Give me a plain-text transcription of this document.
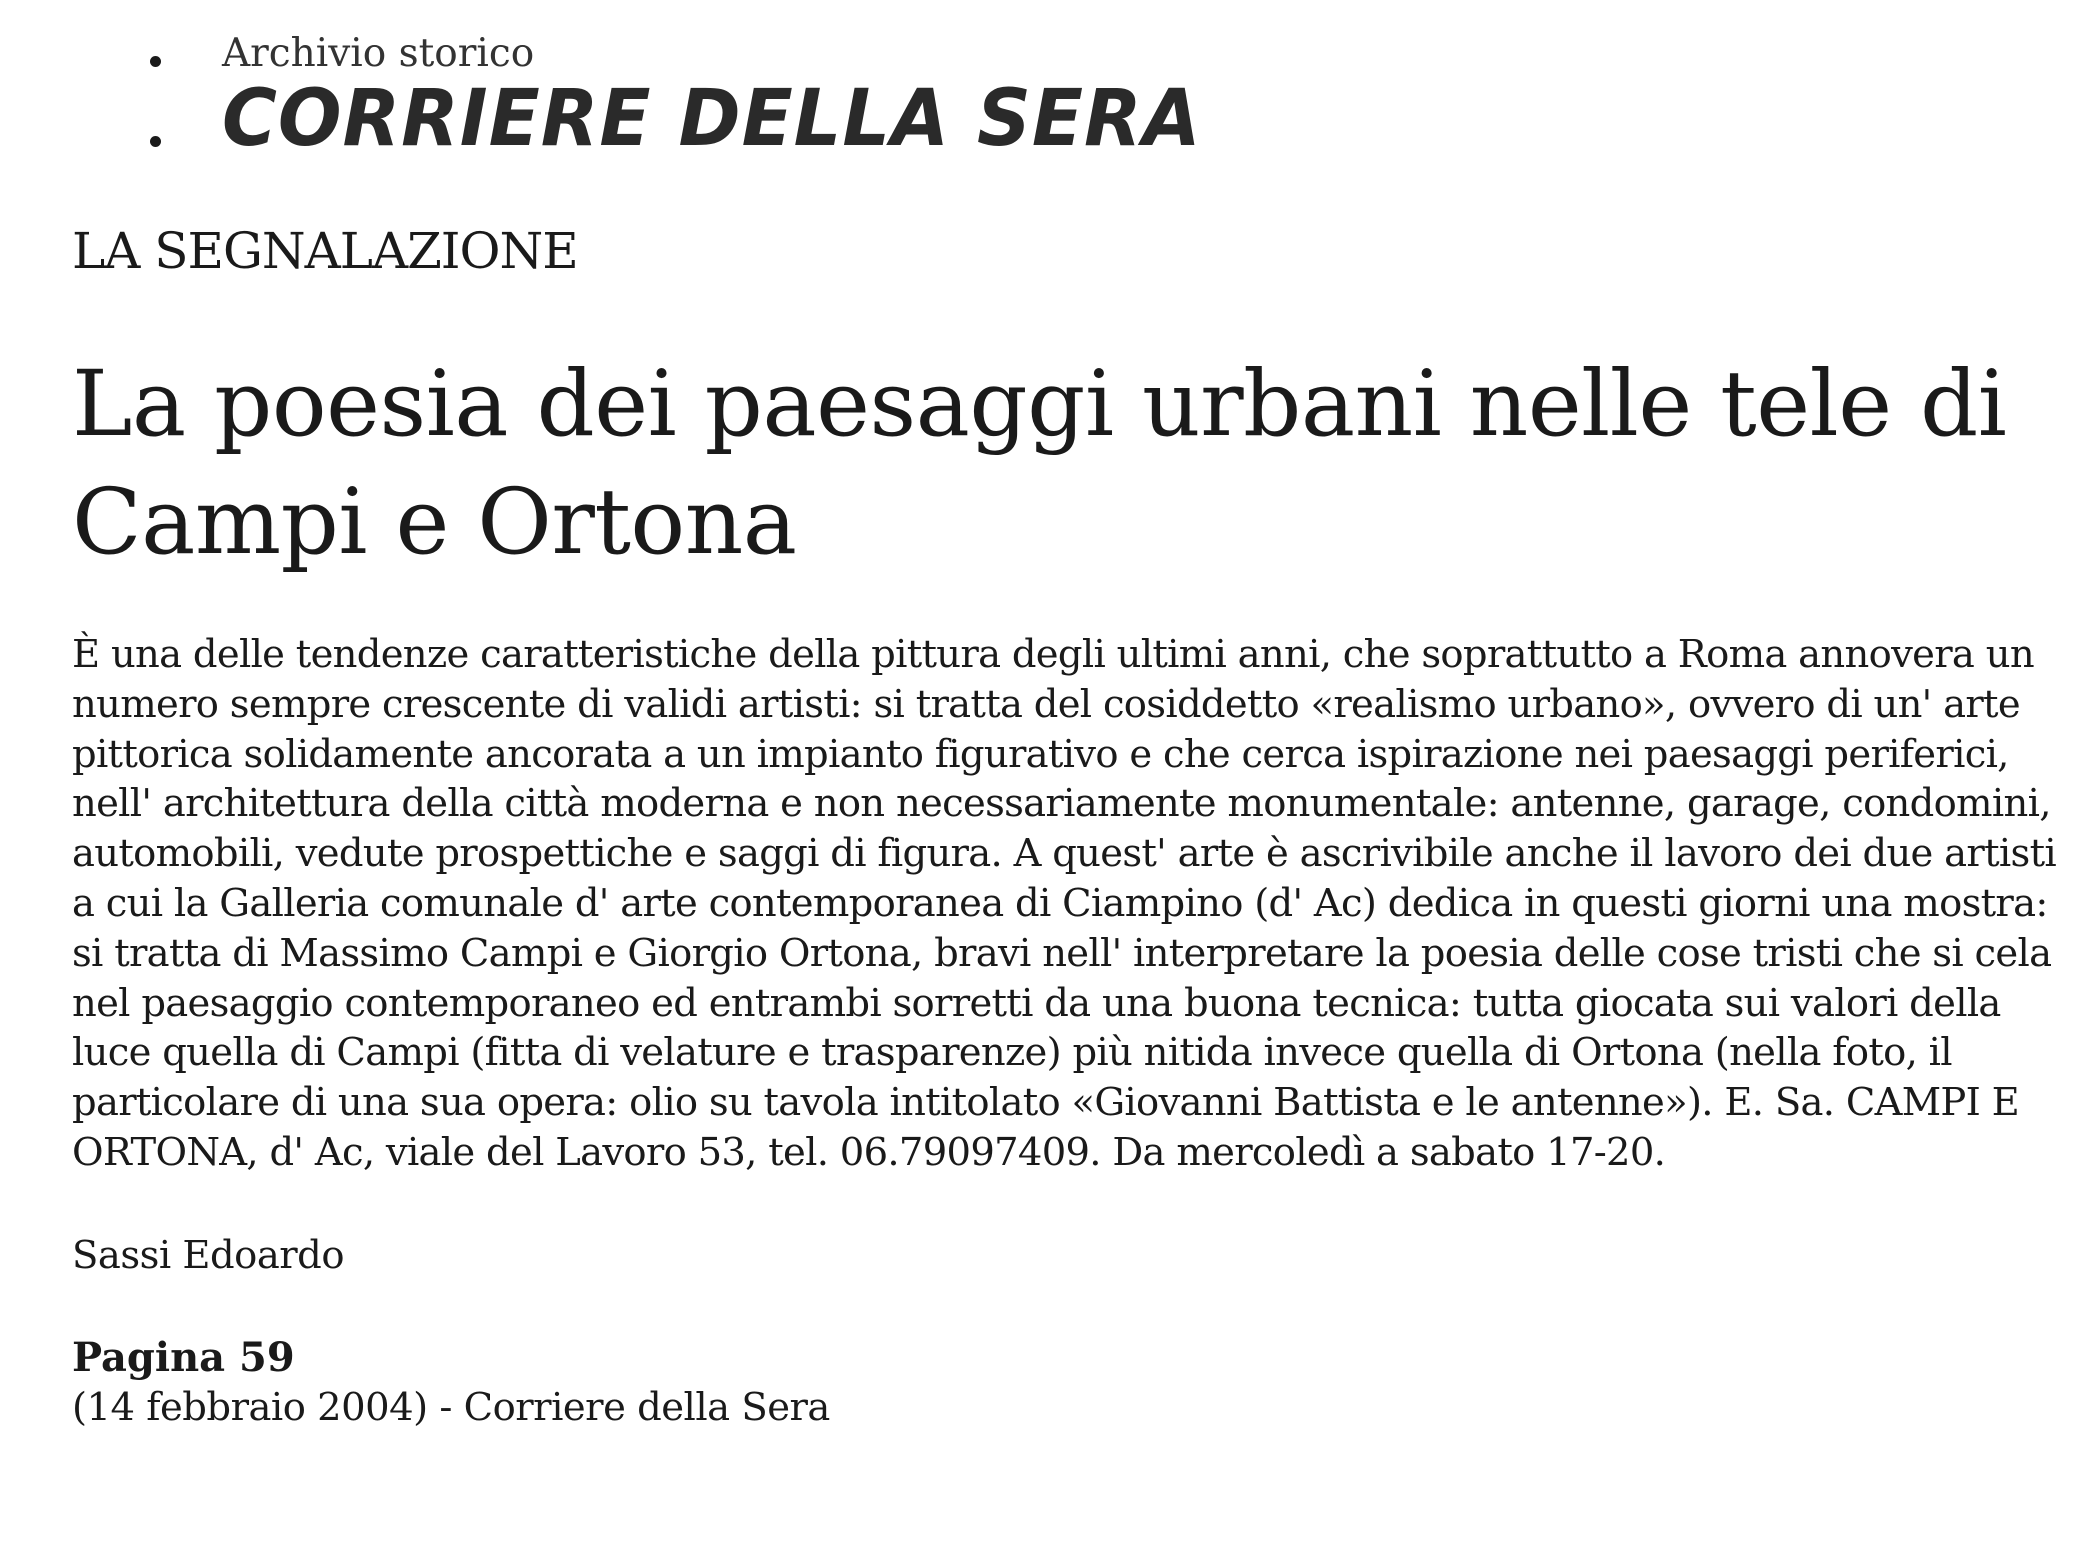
Archivio storico
CORRIERE DELLA SERA
LA SEGNALAZIONE
La poesia dei paesaggi urbani nelle tele di Campi e Ortona

È una delle tendenze caratteristiche della pittura degli ultimi anni, che soprattutto a Roma annovera un numero sempre crescente di validi artisti: si tratta del cosiddetto «realismo urbano», ovvero di un' arte pittorica solidamente ancorata a un impianto figurativo e che cerca ispirazione nei paesaggi periferici, nell' architettura della città moderna e non necessariamente monumentale: antenne, garage, condomini, automobili, vedute prospettiche e saggi di figura. A quest' arte è ascrivibile anche il lavoro dei due artisti a cui la Galleria comunale d' arte contemporanea di Ciampino (d' Ac) dedica in questi giorni una mostra: si tratta di Massimo Campi e Giorgio Ortona, bravi nell' interpretare la poesia delle cose tristi che si cela nel paesaggio contemporaneo ed entrambi sorretti da una buona tecnica: tutta giocata sui valori della luce quella di Campi (fitta di velature e trasparenze) più nitida invece quella di Ortona (nella foto, il particolare di una sua opera: olio su tavola intitolato «Giovanni Battista e le antenne»). E. Sa. CAMPI E ORTONA, d' Ac, viale del Lavoro 53, tel. 06.79097409. Da mercoledì a sabato 17-20.

Sassi Edoardo
Pagina 59
(14 febbraio 2004) - Corriere della Sera
